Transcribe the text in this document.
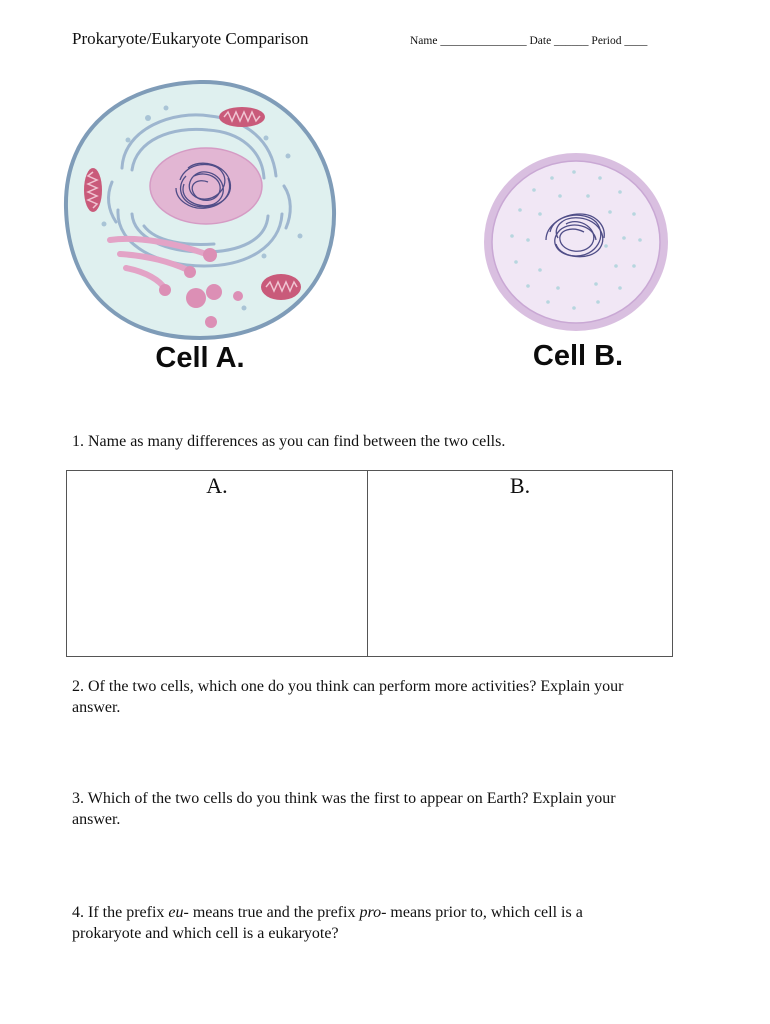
Prokaryote/Eukaryote Comparison	Name _______________ Date ______ Period ____
Cell A.	Cell B.
1. Name as many differences as you can find between the two cells.
A.	B.
2. Of the two cells, which one do you think can perform more activities? Explain your
answer.
3. Which of the two cells do you think was the first to appear on Earth? Explain your
answer.
4. If the prefix eu- means true and the prefix pro- means prior to, which cell is a
prokaryote and which cell is a eukaryote?
